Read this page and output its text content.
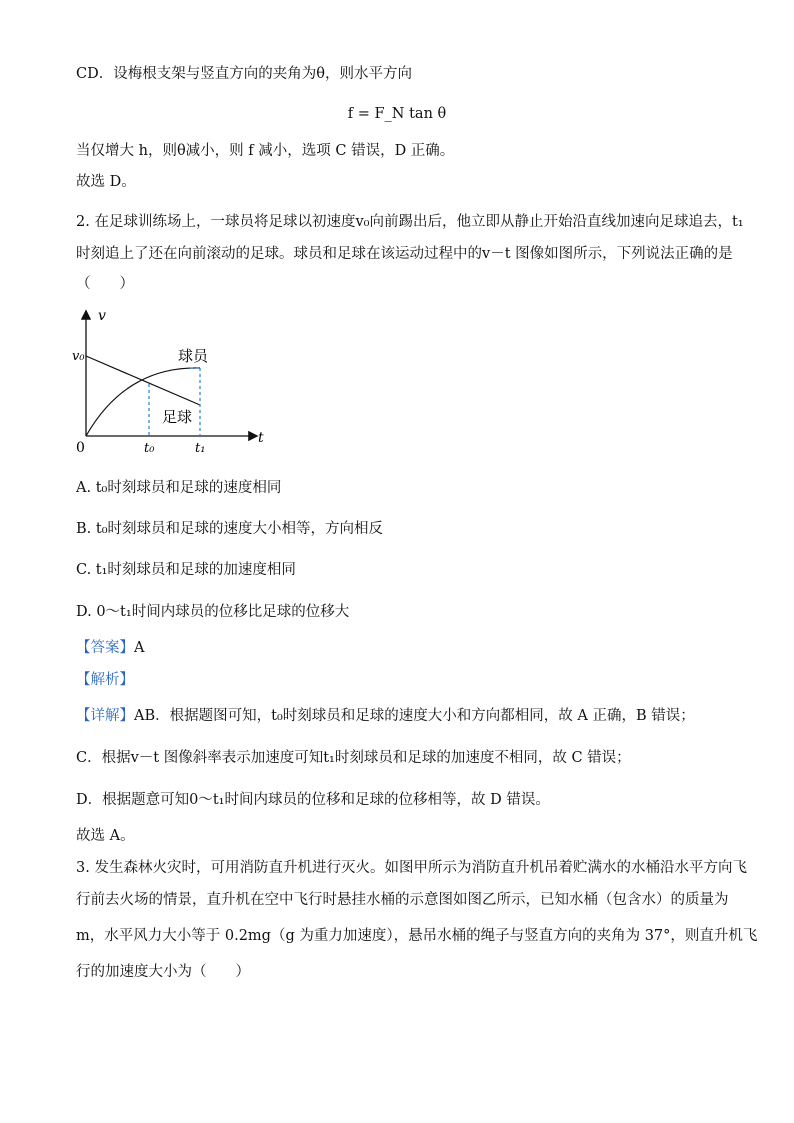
CD．设梅根支架与竖直方向的夹角为θ，则水平方向
f = F_N tan θ
当仅增大 h，则θ减小，则 f 减小，选项 C 错误，D 正确。
故选 D。
2. 在足球训练场上，一球员将足球以初速度v₀向前踢出后，他立即从静止开始沿直线加速向足球追去，t₁
时刻追上了还在向前滚动的足球。球员和足球在该运动过程中的v－t 图像如图所示，下列说法正确的是
（　　）
v
t
0
v₀
t₀	t₁
球员
足球
A. t₀时刻球员和足球的速度相同
B. t₀时刻球员和足球的速度大小相等，方向相反
C. t₁时刻球员和足球的加速度相同
D. 0～t₁时间内球员的位移比足球的位移大
【答案】A
【解析】
【详解】AB．根据题图可知，t₀时刻球员和足球的速度大小和方向都相同，故 A 正确，B 错误；
C．根据v－t 图像斜率表示加速度可知t₁时刻球员和足球的加速度不相同，故 C 错误；
D．根据题意可知0～t₁时间内球员的位移和足球的位移相等，故 D 错误。
故选 A。
3. 发生森林火灾时，可用消防直升机进行灭火。如图甲所示为消防直升机吊着贮满水的水桶沿水平方向飞
行前去火场的情景，直升机在空中飞行时悬挂水桶的示意图如图乙所示，已知水桶（包含水）的质量为
m，水平风力大小等于 0.2mg（g 为重力加速度），悬吊水桶的绳子与竖直方向的夹角为 37°，则直升机飞
行的加速度大小为（　　）
